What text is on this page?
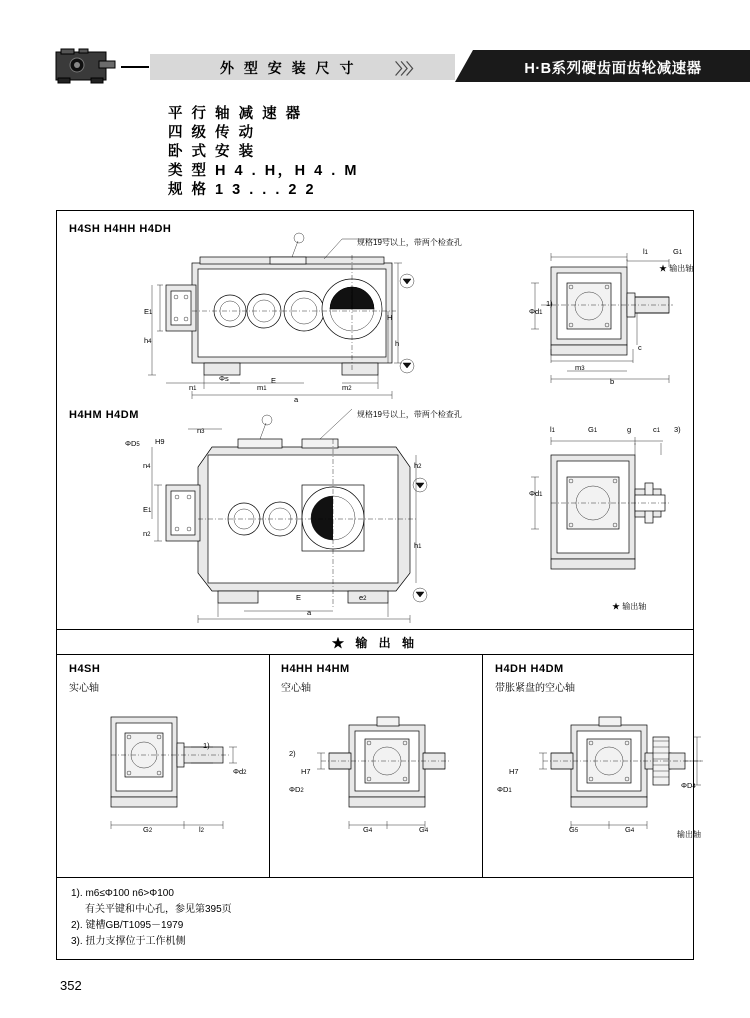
外 型 安 装 尺 寸	〉〉〉	H·B系列硬齿面齿轮减速器
平 行 轴 减 速 器
四 级 传 动
卧 式 安 装
类 型 H 4 . H，H 4 . M
规 格 1 3 . . . 2 2
H4SH H4HH H4DH
规格19号以上，带两个检查孔
E1
h4
Φs	E
H
h
n1	m1	m2
a
l1	G1
Φd1
c
m3
b
1)
★ 输出轴
H4HM H4DM	规格19号以上，带两个检查孔
ΦD5 H9
n3
n4
E1
n2
h2
h1
E	e2
a
l1	G1	g	c1 3)
Φd1
★ 输出轴
★ 输 出 轴
H4SH
实心轴
1)
Φd2
G2	l2
H4HH H4HM
空心轴
2)
H7
ΦD2
G4	G4
H4DH H4DM
带胀紧盘的空心轴
H7
ΦD1
ΦD4
输出轴
G5	G4
1). m6≤Φ100 n6>Φ100
有关平键和中心孔，参见第395页
2). 键槽GB/T1095－1979
3). 扭力支撑位于工作机侧
352
